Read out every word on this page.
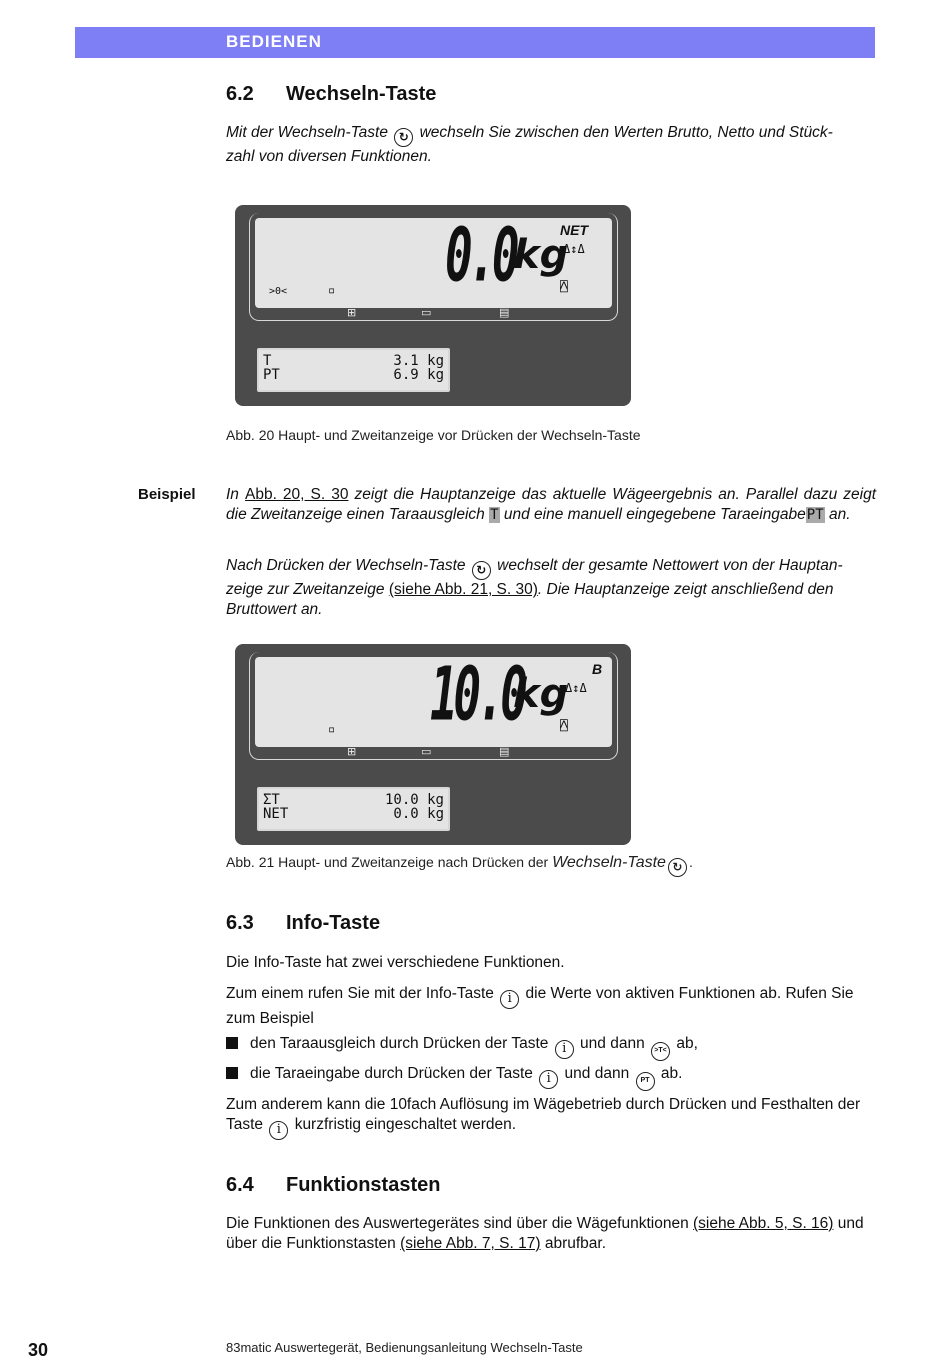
BEDIENEN
6.2 Wechseln-Taste
Mit der Wechseln-Taste ↻ wechseln Sie zwischen den Werten Brutto, Netto und Stück-
zahl von diversen Funktionen.
0.0
kg
NET
Δ↕Δ
⍓
>0<	▫
⊞	▭	▤
T	3.1 kg
PT	6.9 kg
Abb. 20 Haupt- und Zweitanzeige vor Drücken der Wechseln-Taste
Beispiel In Abb. 20, S. 30 zeigt die Hauptanzeige das aktuelle Wägeergebnis an. Parallel dazu zeigt die Zweitanzeige einen Taraausgleich T und eine manuell eingegebene TaraeingabePT an.
Nach Drücken der Wechseln-Taste ↻ wechselt der gesamte Nettowert von der Hauptan-zeige zur Zweitanzeige (siehe Abb. 21, S. 30). Die Hauptanzeige zeigt anschließend den Bruttowert an.
10.0
kg
B
Δ↕Δ
⍓
▫
⊞	▭	▤
ΣT	10.0 kg
NET	0.0 kg
Abb. 21 Haupt- und Zweitanzeige nach Drücken der Wechseln-Taste ↻ .
6.3 Info-Taste
Die Info-Taste hat zwei verschiedene Funktionen.
Zum einem rufen Sie mit der Info-Taste i die Werte von aktiven Funktionen ab. Rufen Sie zum Beispiel
den Taraausgleich durch Drücken der Taste i und dann >T< ab,
die Taraeingabe durch Drücken der Taste i und dann PT ab.
Zum anderem kann die 10fach Auflösung im Wägebetrieb durch Drücken und Festhalten der Taste i kurzfristig eingeschaltet werden.
6.4 Funktionstasten
Die Funktionen des Auswertegerätes sind über die Wägefunktionen (siehe Abb. 5, S. 16) und über die Funktionstasten (siehe Abb. 7, S. 17) abrufbar.
30	83matic Auswertegerät, Bedienungsanleitung Wechseln-Taste
